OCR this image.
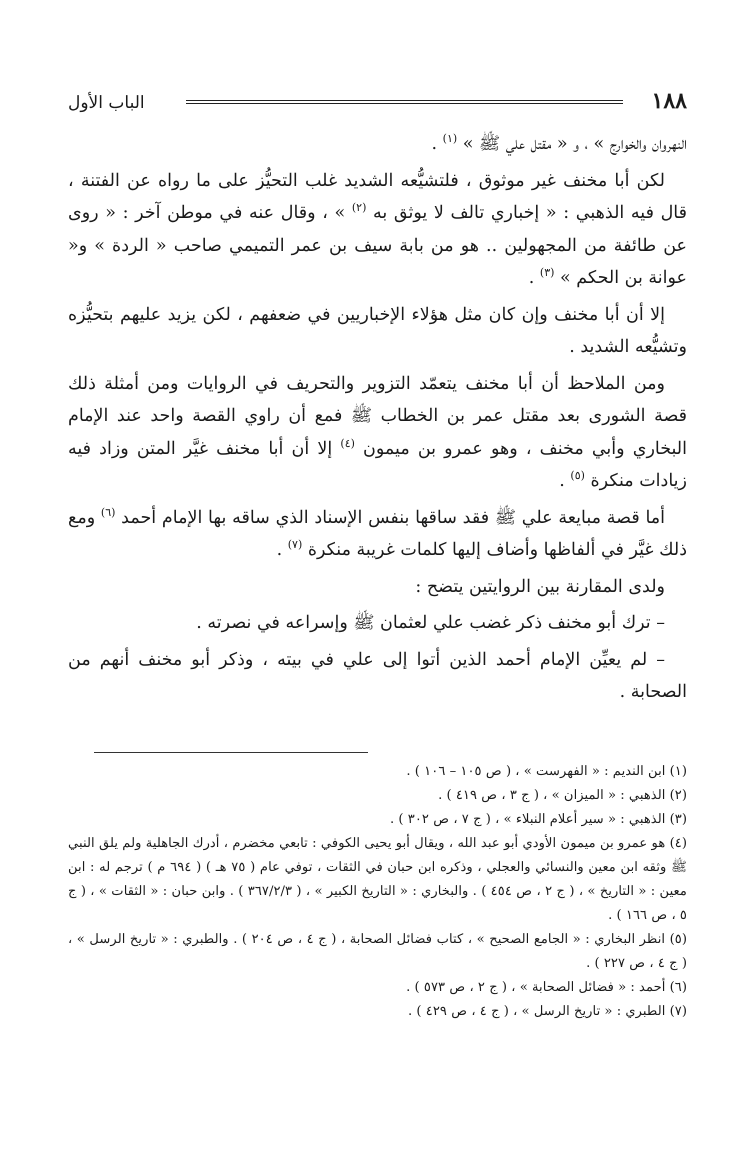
١٨٨
الباب الأول

النهروان والخوارج » ، و « مقتل علي ﷺ » $^{(١)}$ .

لكن أبا مخنف غير موثوق ، فلتشيُّعه الشديد غلب التحيُّز على ما رواه عن الفتنة ، قال فيه الذهبي : « إخباري تالف لا يوثق به $^{(٢)}$ » ، وقال عنه في موطن آخر : « روى عن طائفة من المجهولين .. هو من بابة سيف بن عمر التميمي صاحب « الردة » و« عوانة بن الحكم » $^{(٣)}$ .

إلا أن أبا مخنف وإن كان مثل هؤلاء الإخباريين في ضعفهم ، لكن يزيد عليهم بتحيُّزه وتشيُّعه الشديد .

ومن الملاحظ أن أبا مخنف يتعمّد التزوير والتحريف في الروايات ومن أمثلة ذلك قصة الشورى بعد مقتل عمر بن الخطاب ﷺ فمع أن راوي القصة واحد عند الإمام البخاري وأبي مخنف ، وهو عمرو بن ميمون $^{(٤)}$ إلا أن أبا مخنف غيَّر المتن وزاد فيه زيادات منكرة $^{(٥)}$ .

أما قصة مبايعة علي ﷺ فقد ساقها بنفس الإسناد الذي ساقه بها الإمام أحمد $^{(٦)}$ ومع ذلك غيَّر في ألفاظها وأضاف إليها كلمات غريبة منكرة $^{(٧)}$ .

ولدى المقارنة بين الروايتين يتضح :

– ترك أبو مخنف ذكر غضب علي لعثمان ﷺ وإسراعه في نصرته .

– لم يعيِّن الإمام أحمد الذين أتوا إلى علي في بيته ، وذكر أبو مخنف أنهم من الصحابة .

(١) ابن النديم : « الفهرست » ، ( ص ١٠٥ – ١٠٦ ) .

(٢) الذهبي : « الميزان » ، ( ج ٣ ، ص ٤١٩ ) .

(٣) الذهبي : « سير أعلام النبلاء » ، ( ج ٧ ، ص ٣٠٢ ) .

(٤) هو عمرو بن ميمون الأودي أبو عبد الله ، ويقال أبو يحيى الكوفي : تابعي مخضرم ، أدرك الجاهلية ولم يلق النبي ﷺ وثقه ابن معين والنسائي والعجلي ، وذكره ابن حبان في الثقات ، توفي عام ( ٧٥ هـ ) ( ٦٩٤ م ) ترجم له : ابن معين : « التاريخ » ، ( ج ٢ ، ص ٤٥٤ ) . والبخاري : « التاريخ الكبير » ، ( ٣٦٧/٢/٣ ) . وابن حبان : « الثقات » ، ( ج ٥ ، ص ١٦٦ ) .

(٥) انظر البخاري : « الجامع الصحيح » ، كتاب فضائل الصحابة ، ( ج ٤ ، ص ٢٠٤ ) . والطبري : « تاريخ الرسل » ، ( ج ٤ ، ص ٢٢٧ ) .

(٦) أحمد : « فضائل الصحابة » ، ( ج ٢ ، ص ٥٧٣ ) .

(٧) الطبري : « تاريخ الرسل » ، ( ج ٤ ، ص ٤٢٩ ) .
